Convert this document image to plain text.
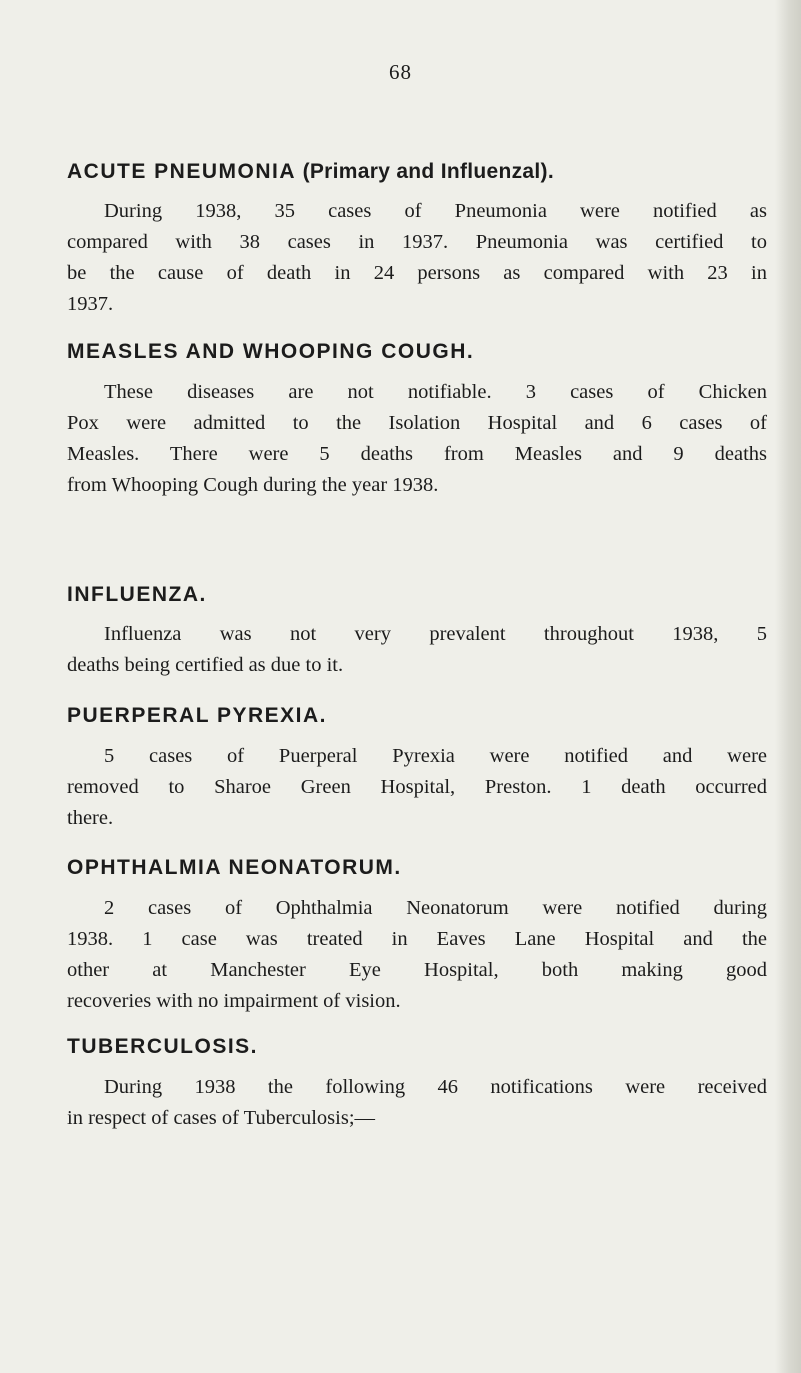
68
ACUTE PNEUMONIA (Primary and Influenzal).
During 1938, 35 cases of Pneumonia were notified as
compared with 38 cases in 1937. Pneumonia was certified to
be the cause of death in 24 persons as compared with 23 in
1937.
MEASLES AND WHOOPING COUGH.
These diseases are not notifiable. 3 cases of Chicken
Pox were admitted to the Isolation Hospital and 6 cases of
Measles. There were 5 deaths from Measles and 9 deaths
from Whooping Cough during the year 1938.
INFLUENZA.
Influenza was not very prevalent throughout 1938, 5
deaths being certified as due to it.
PUERPERAL PYREXIA.
5 cases of Puerperal Pyrexia were notified and were
removed to Sharoe Green Hospital, Preston. 1 death occurred
there.
OPHTHALMIA NEONATORUM.
2 cases of Ophthalmia Neonatorum were notified during
1938. 1 case was treated in Eaves Lane Hospital and the
other at Manchester Eye Hospital, both making good
recoveries with no impairment of vision.
TUBERCULOSIS.
During 1938 the following 46 notifications were received
in respect of cases of Tuberculosis;—
